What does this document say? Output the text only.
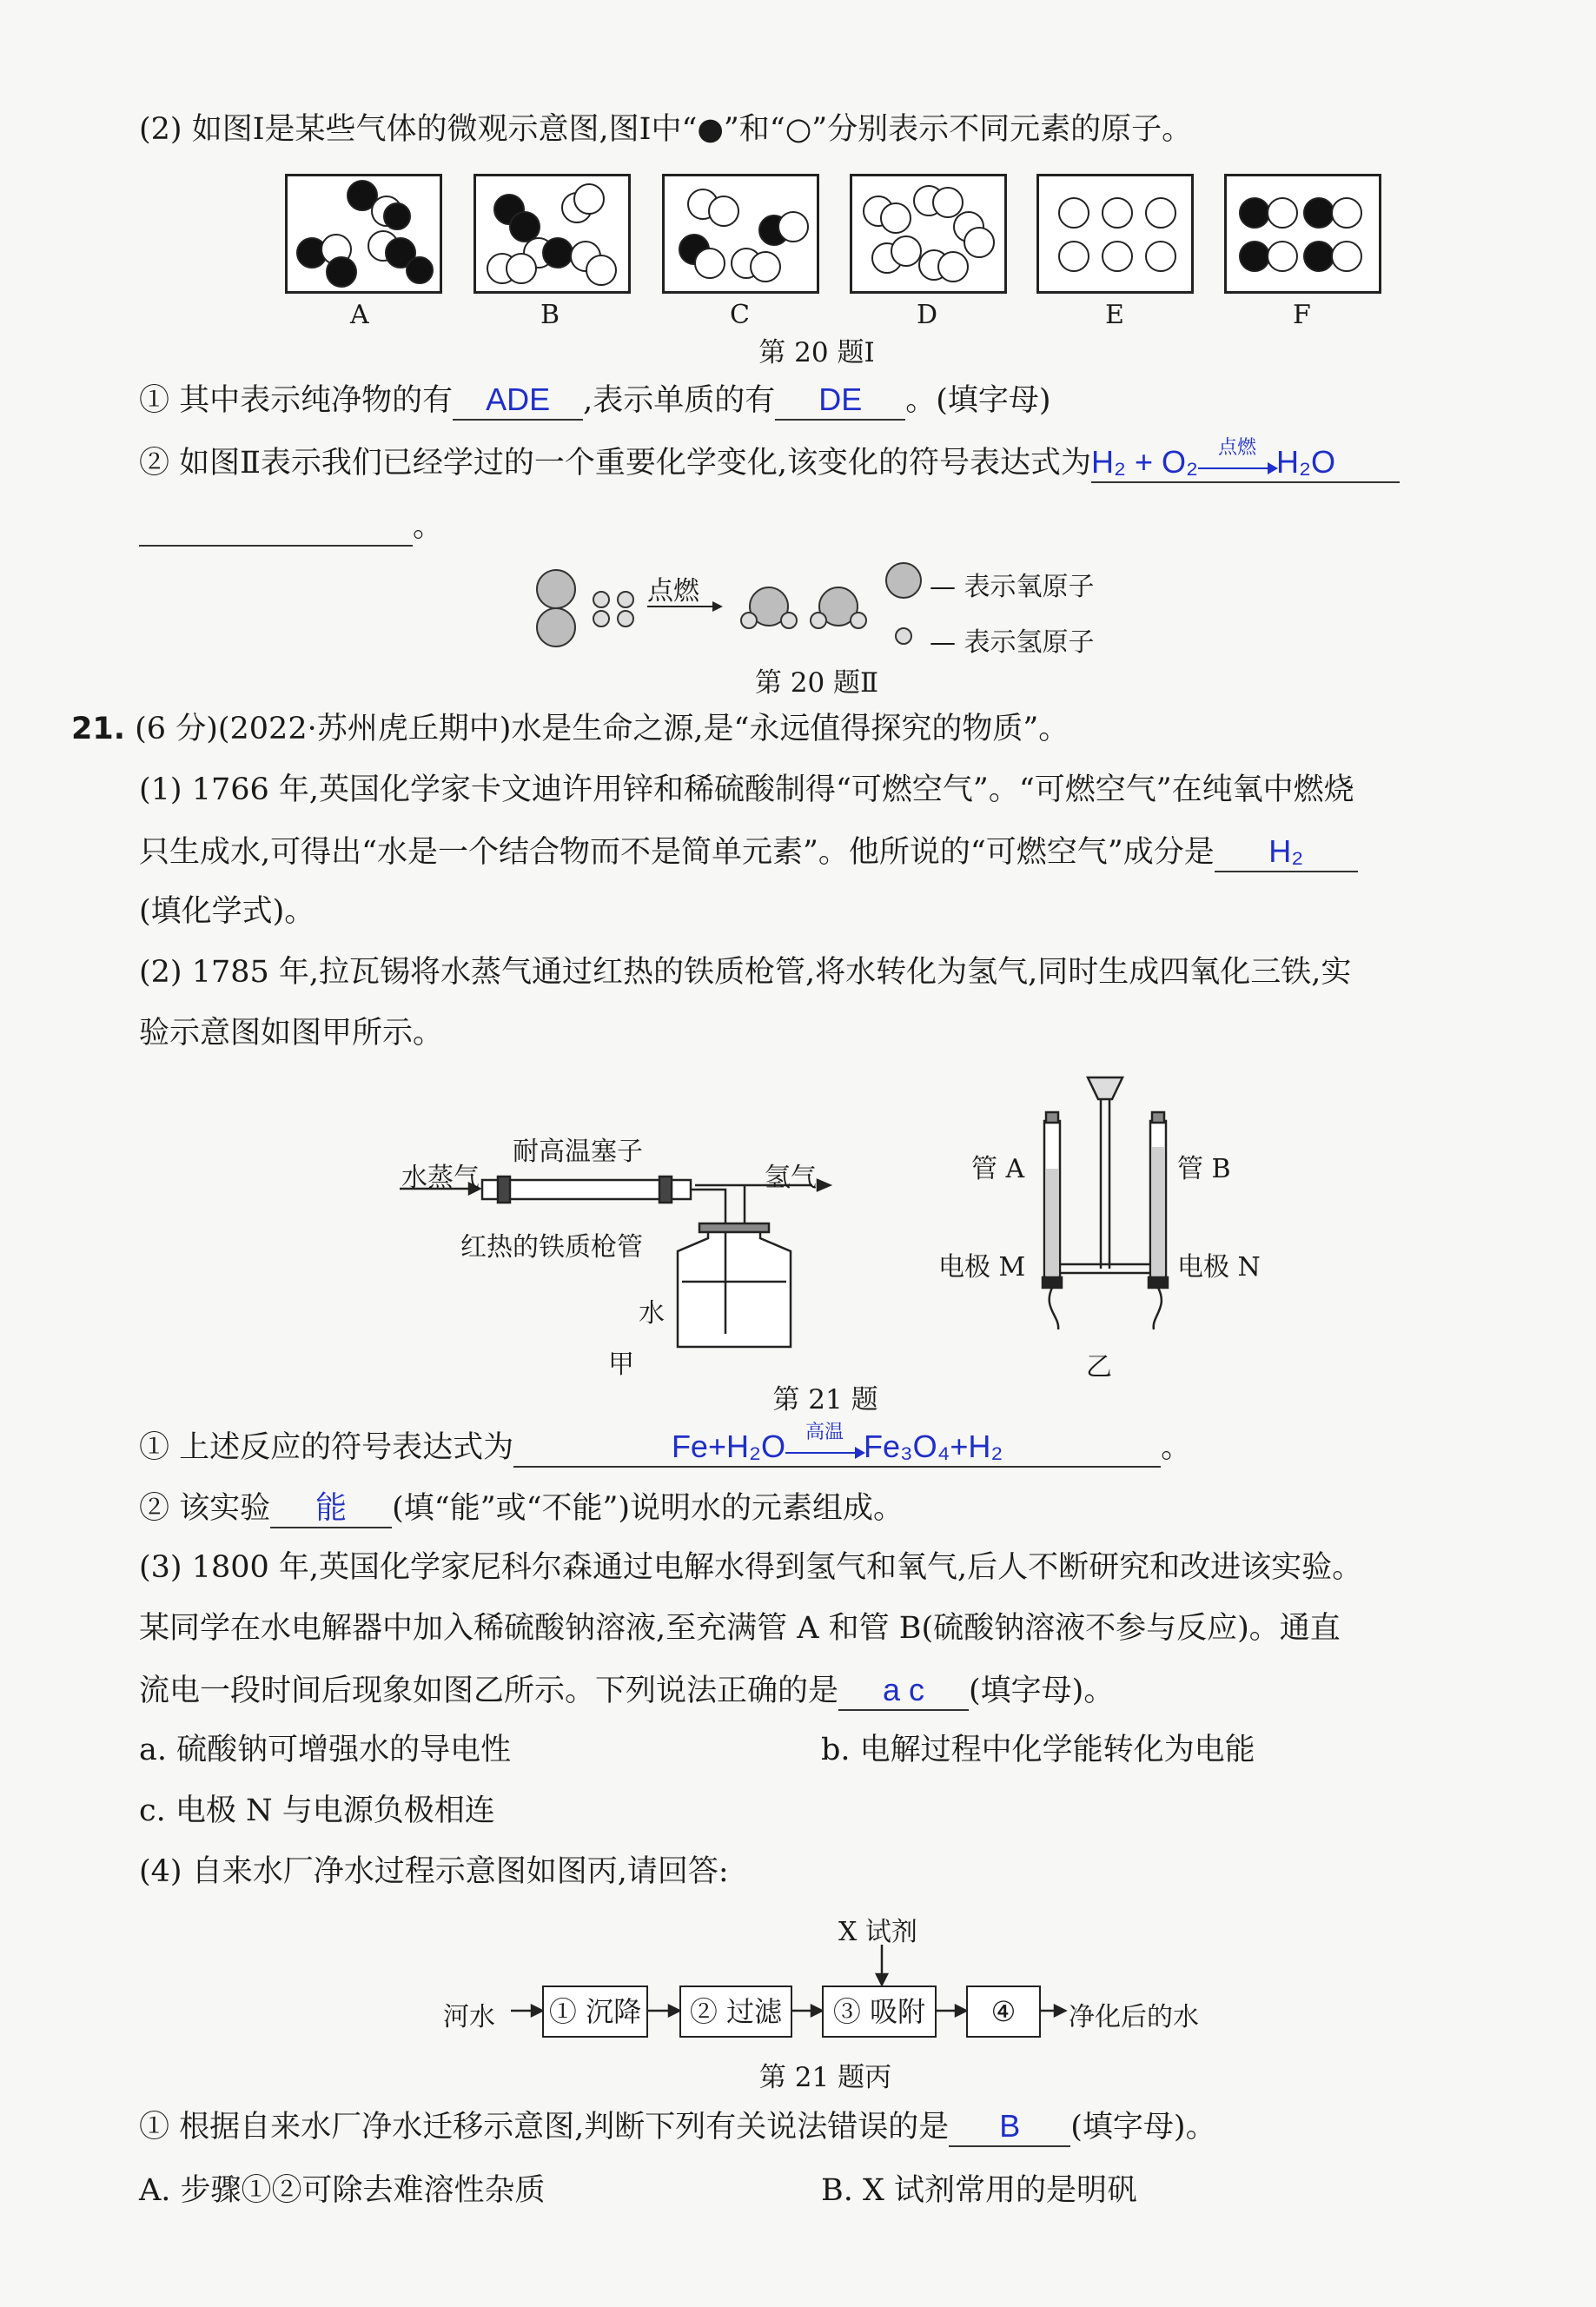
(2) 如图Ⅰ是某些气体的微观示意图,图Ⅰ中“●”和“○”分别表示不同元素的原子。
A	B	C	D	E	F
第 20 题Ⅰ
① 其中表示纯净物的有 ADE ,表示单质的有 DE 。(填字母)
② 如图Ⅱ表示我们已经学过的一个重要化学变化,该变化的符号表达式为H₂ + O₂	点燃 H₂O
。
点燃	— 表示氧原子
— 表示氢原子
第 20 题Ⅱ
21. (6 分)(2022·苏州虎丘期中)水是生命之源,是“永远值得探究的物质”。
(1) 1766 年,英国化学家卡文迪许用锌和稀硫酸制得“可燃空气”。“可燃空气”在纯氧中燃烧
只生成水,可得出“水是一个结合物而不是简单元素”。他所说的“可燃空气”成分是 H₂
(填化学式)。
(2) 1785 年,拉瓦锡将水蒸气通过红热的铁质枪管,将水转化为氢气,同时生成四氧化三铁,实
验示意图如图甲所示。
水蒸气
耐高温塞子
氢气
红热的铁质枪管
水
甲
管 A	管 B
电极 M	电极 N
乙
第 21 题
① 上述反应的符号表达式为	Fe+H₂O	高温 Fe₃O₄+H₂	。
② 该实验 能 (填“能”或“不能”)说明水的元素组成。
(3) 1800 年,英国化学家尼科尔森通过电解水得到氢气和氧气,后人不断研究和改进该实验。
某同学在水电解器中加入稀硫酸钠溶液,至充满管 A 和管 B(硫酸钠溶液不参与反应)。通直
流电一段时间后现象如图乙所示。下列说法正确的是 a c (填字母)。
a. 硫酸钠可增强水的导电性	b. 电解过程中化学能转化为电能
c. 电极 N 与电源负极相连
(4) 自来水厂净水过程示意图如图丙,请回答:
X 试剂
河水 ① 沉降	② 过滤	③ 吸附	④	净化后的水
第 21 题丙
① 根据自来水厂净水迁移示意图,判断下列有关说法错误的是 B (填字母)。
A. 步骤①②可除去难溶性杂质	B. X 试剂常用的是明矾
